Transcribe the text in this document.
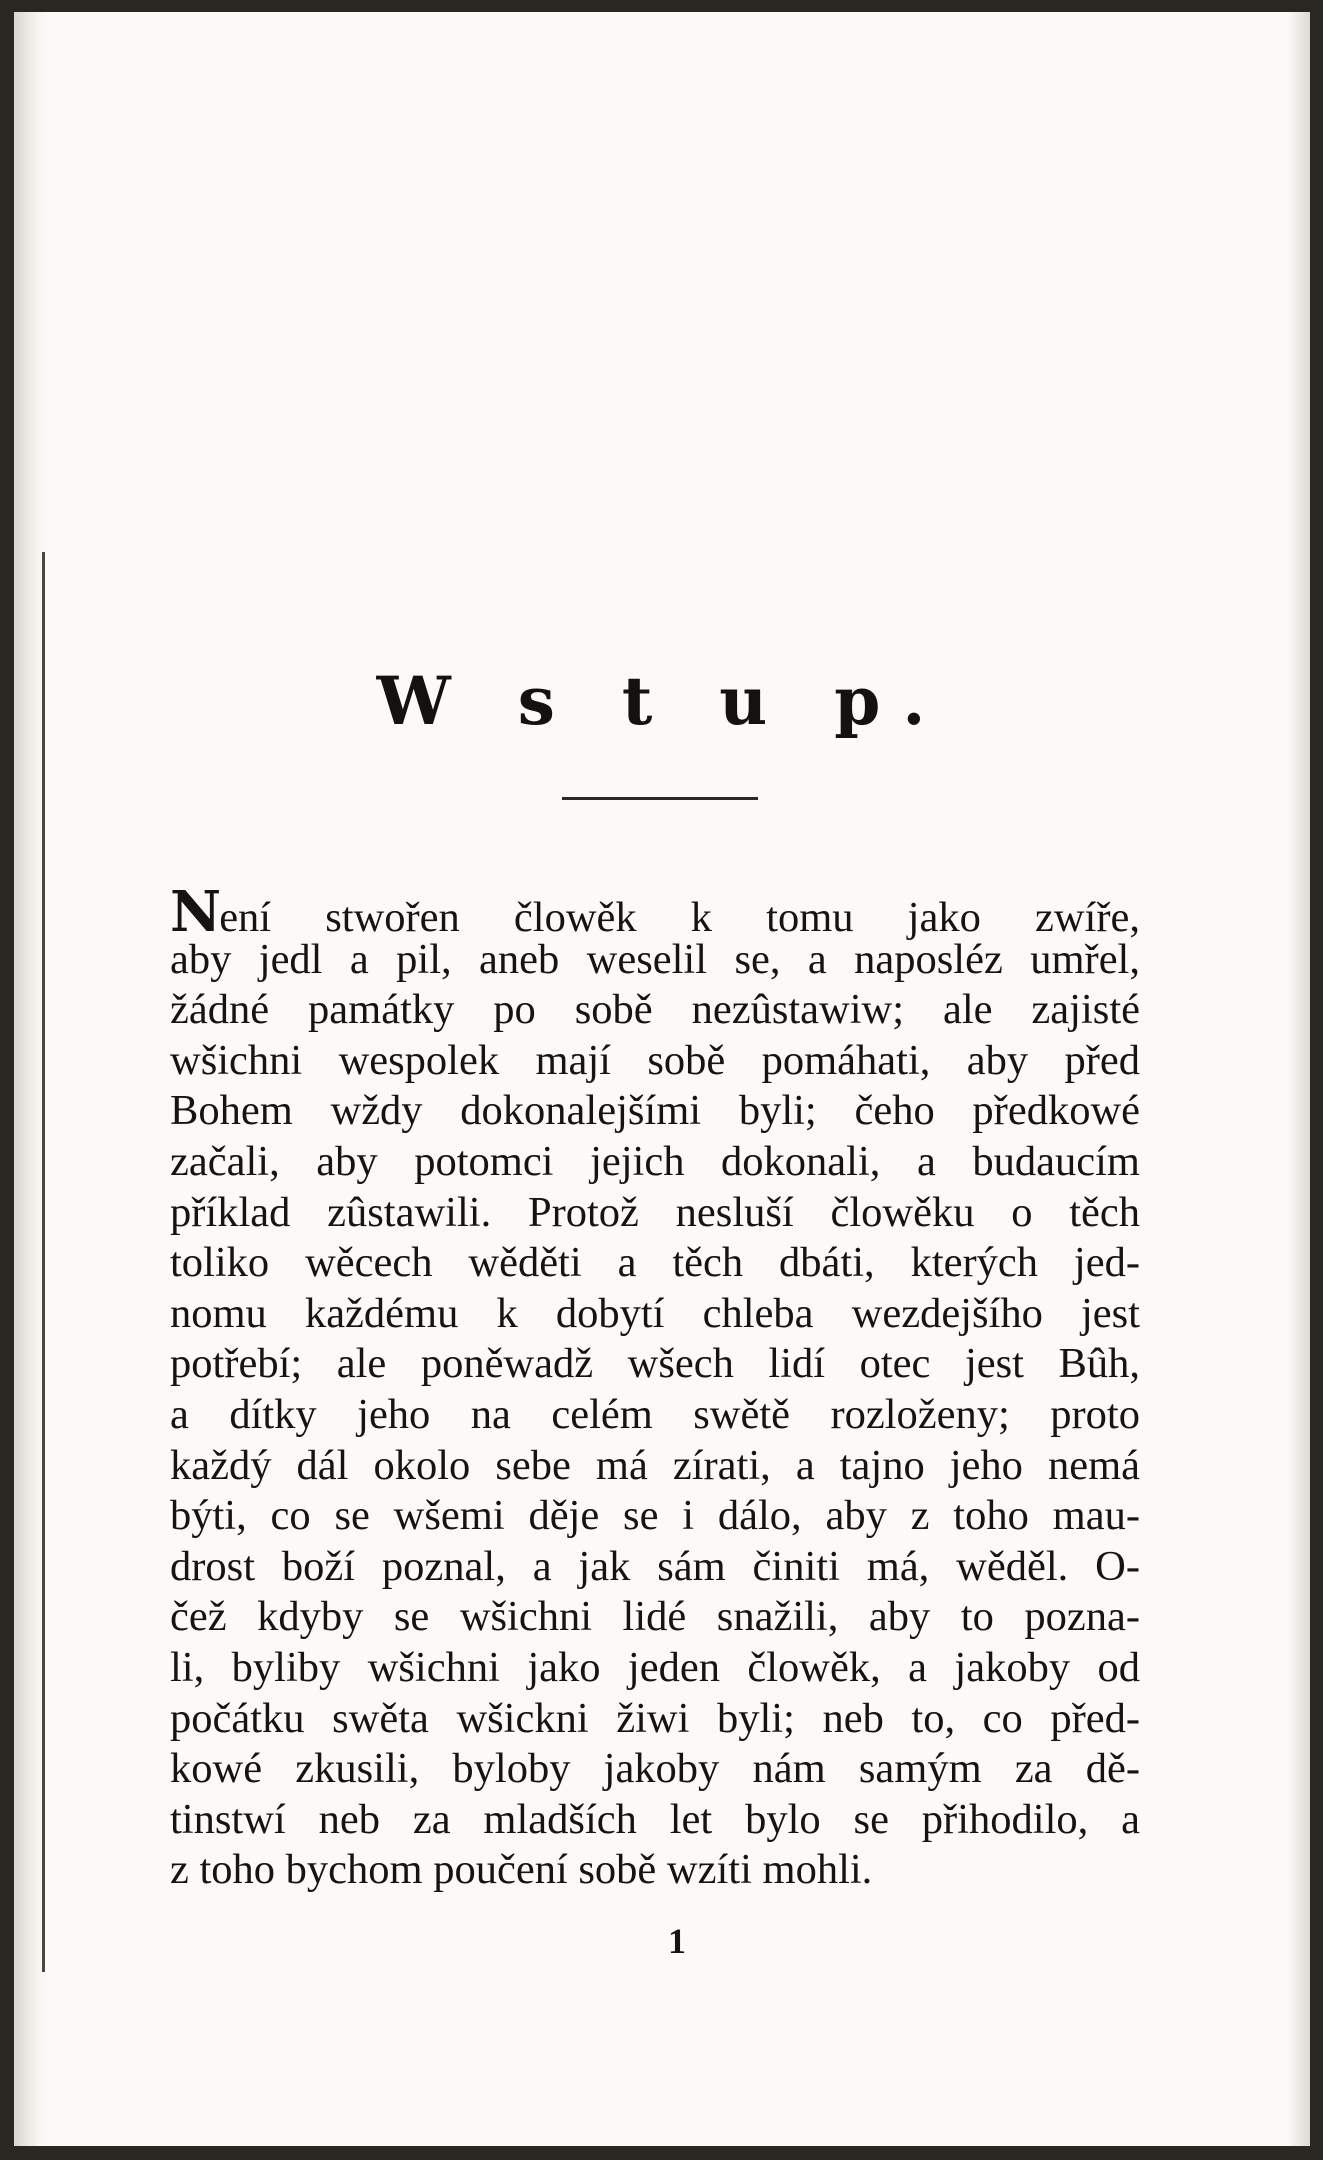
W s t u p.
Není stwořen člowěk k tomu jako zwíře,
aby jedl a pil, aneb weselil se, a naposléz umřel,
žádné památky po sobě nezûstawiw; ale zajisté
wšichni wespolek mají sobě pomáhati, aby před
Bohem wždy dokonalejšími byli; čeho předkowé
začali, aby potomci jejich dokonali, a budaucím
příklad zûstawili. Protož nesluší člowěku o těch
toliko wěcech wěděti a těch dbáti, kterých jed-
nomu každému k dobytí chleba wezdejšího jest
potřebí; ale poněwadž wšech lidí otec jest Bûh,
a dítky jeho na celém swětě rozloženy; proto
každý dál okolo sebe má zírati, a tajno jeho nemá
býti, co se wšemi děje se i dálo, aby z toho mau-
drost boží poznal, a jak sám činiti má, wěděl. O-
čež kdyby se wšichni lidé snažili, aby to pozna-
li, byliby wšichni jako jeden člowěk, a jakoby od
počátku swěta wšickni žiwi byli; neb to, co před-
kowé zkusili, byloby jakoby nám samým za dě-
tinstwí neb za mladších let bylo se přihodilo, a
z toho bychom poučení sobě wzíti mohli.
1
